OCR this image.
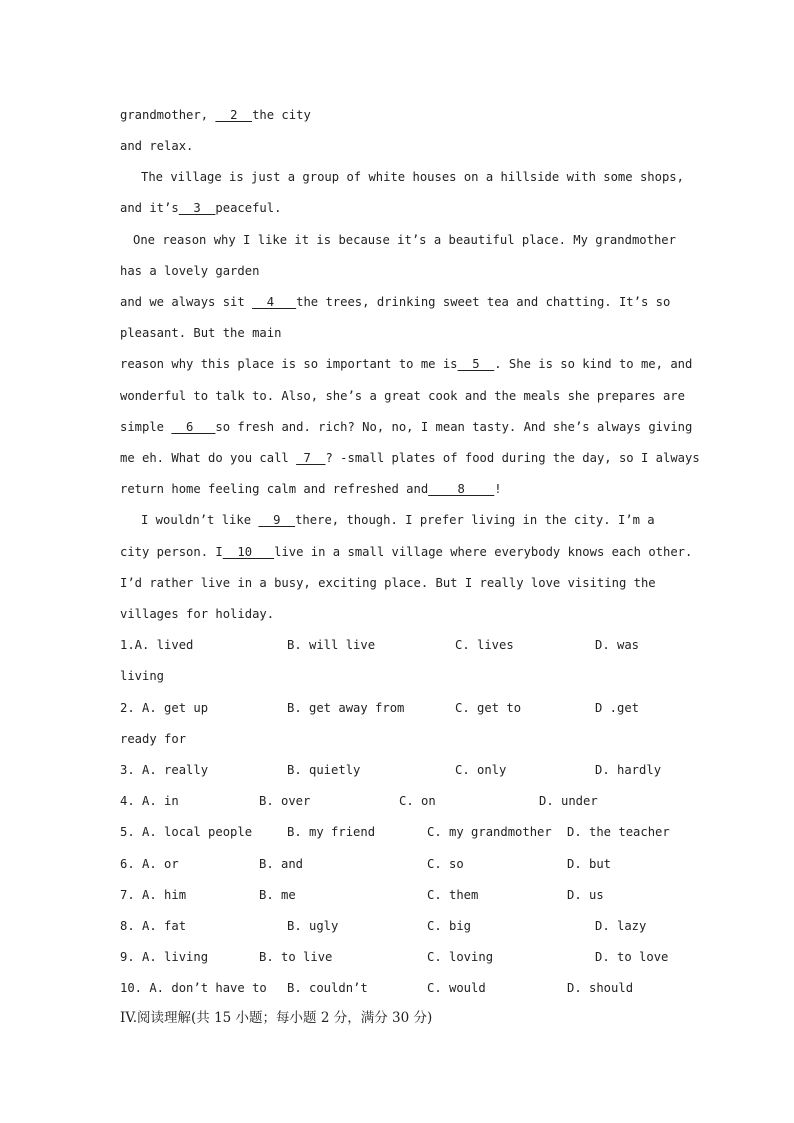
grandmother,   2  the city
and relax.
The village is just a group of white houses on a hillside with some shops,
and it’s  3  peaceful.
One reason why I like it is because it’s a beautiful place. My grandmother
has a lovely garden
and we always sit   4   the trees, drinking sweet tea and chatting. It’s so
pleasant. But the main
reason why this place is so important to me is  5  . She is so kind to me, and
wonderful to talk to. Also, she’s a great cook and the meals she prepares are
simple   6   so fresh and. rich? No, no, I mean tasty. And she’s always giving
me eh. What do you call  7  ? -small plates of food during the day, so I always
return home feeling calm and refreshed and    8    !
I wouldn’t like   9  there, though. I prefer living in the city. I’m a
city person. I  10   live in a small village where everybody knows each other.
I’d rather live in a busy, exciting place. But I really love visiting the
villages for holiday.
1.A. lived	B. will live	C. lives	D. was
living
2. A. get up	B. get away from	C. get to	D .get
ready for
3. A. really	B. quietly	C. only	D. hardly
4. A. in	B. over	C. on	D. under
5. A. local people	B. my friend	C. my grandmother D. the teacher
6. A. or	B. and	C. so	D. but
7. A. him	B. me	C. them	D. us
8. A. fat	B. ugly	C. big	D. lazy
9. A. living	B. to live	C. loving	D. to love
10. A. don’t have to B. couldn’t	C. would	D. should
IV.阅读理解(共 15 小题；每小题 2 分，满分 30 分)
